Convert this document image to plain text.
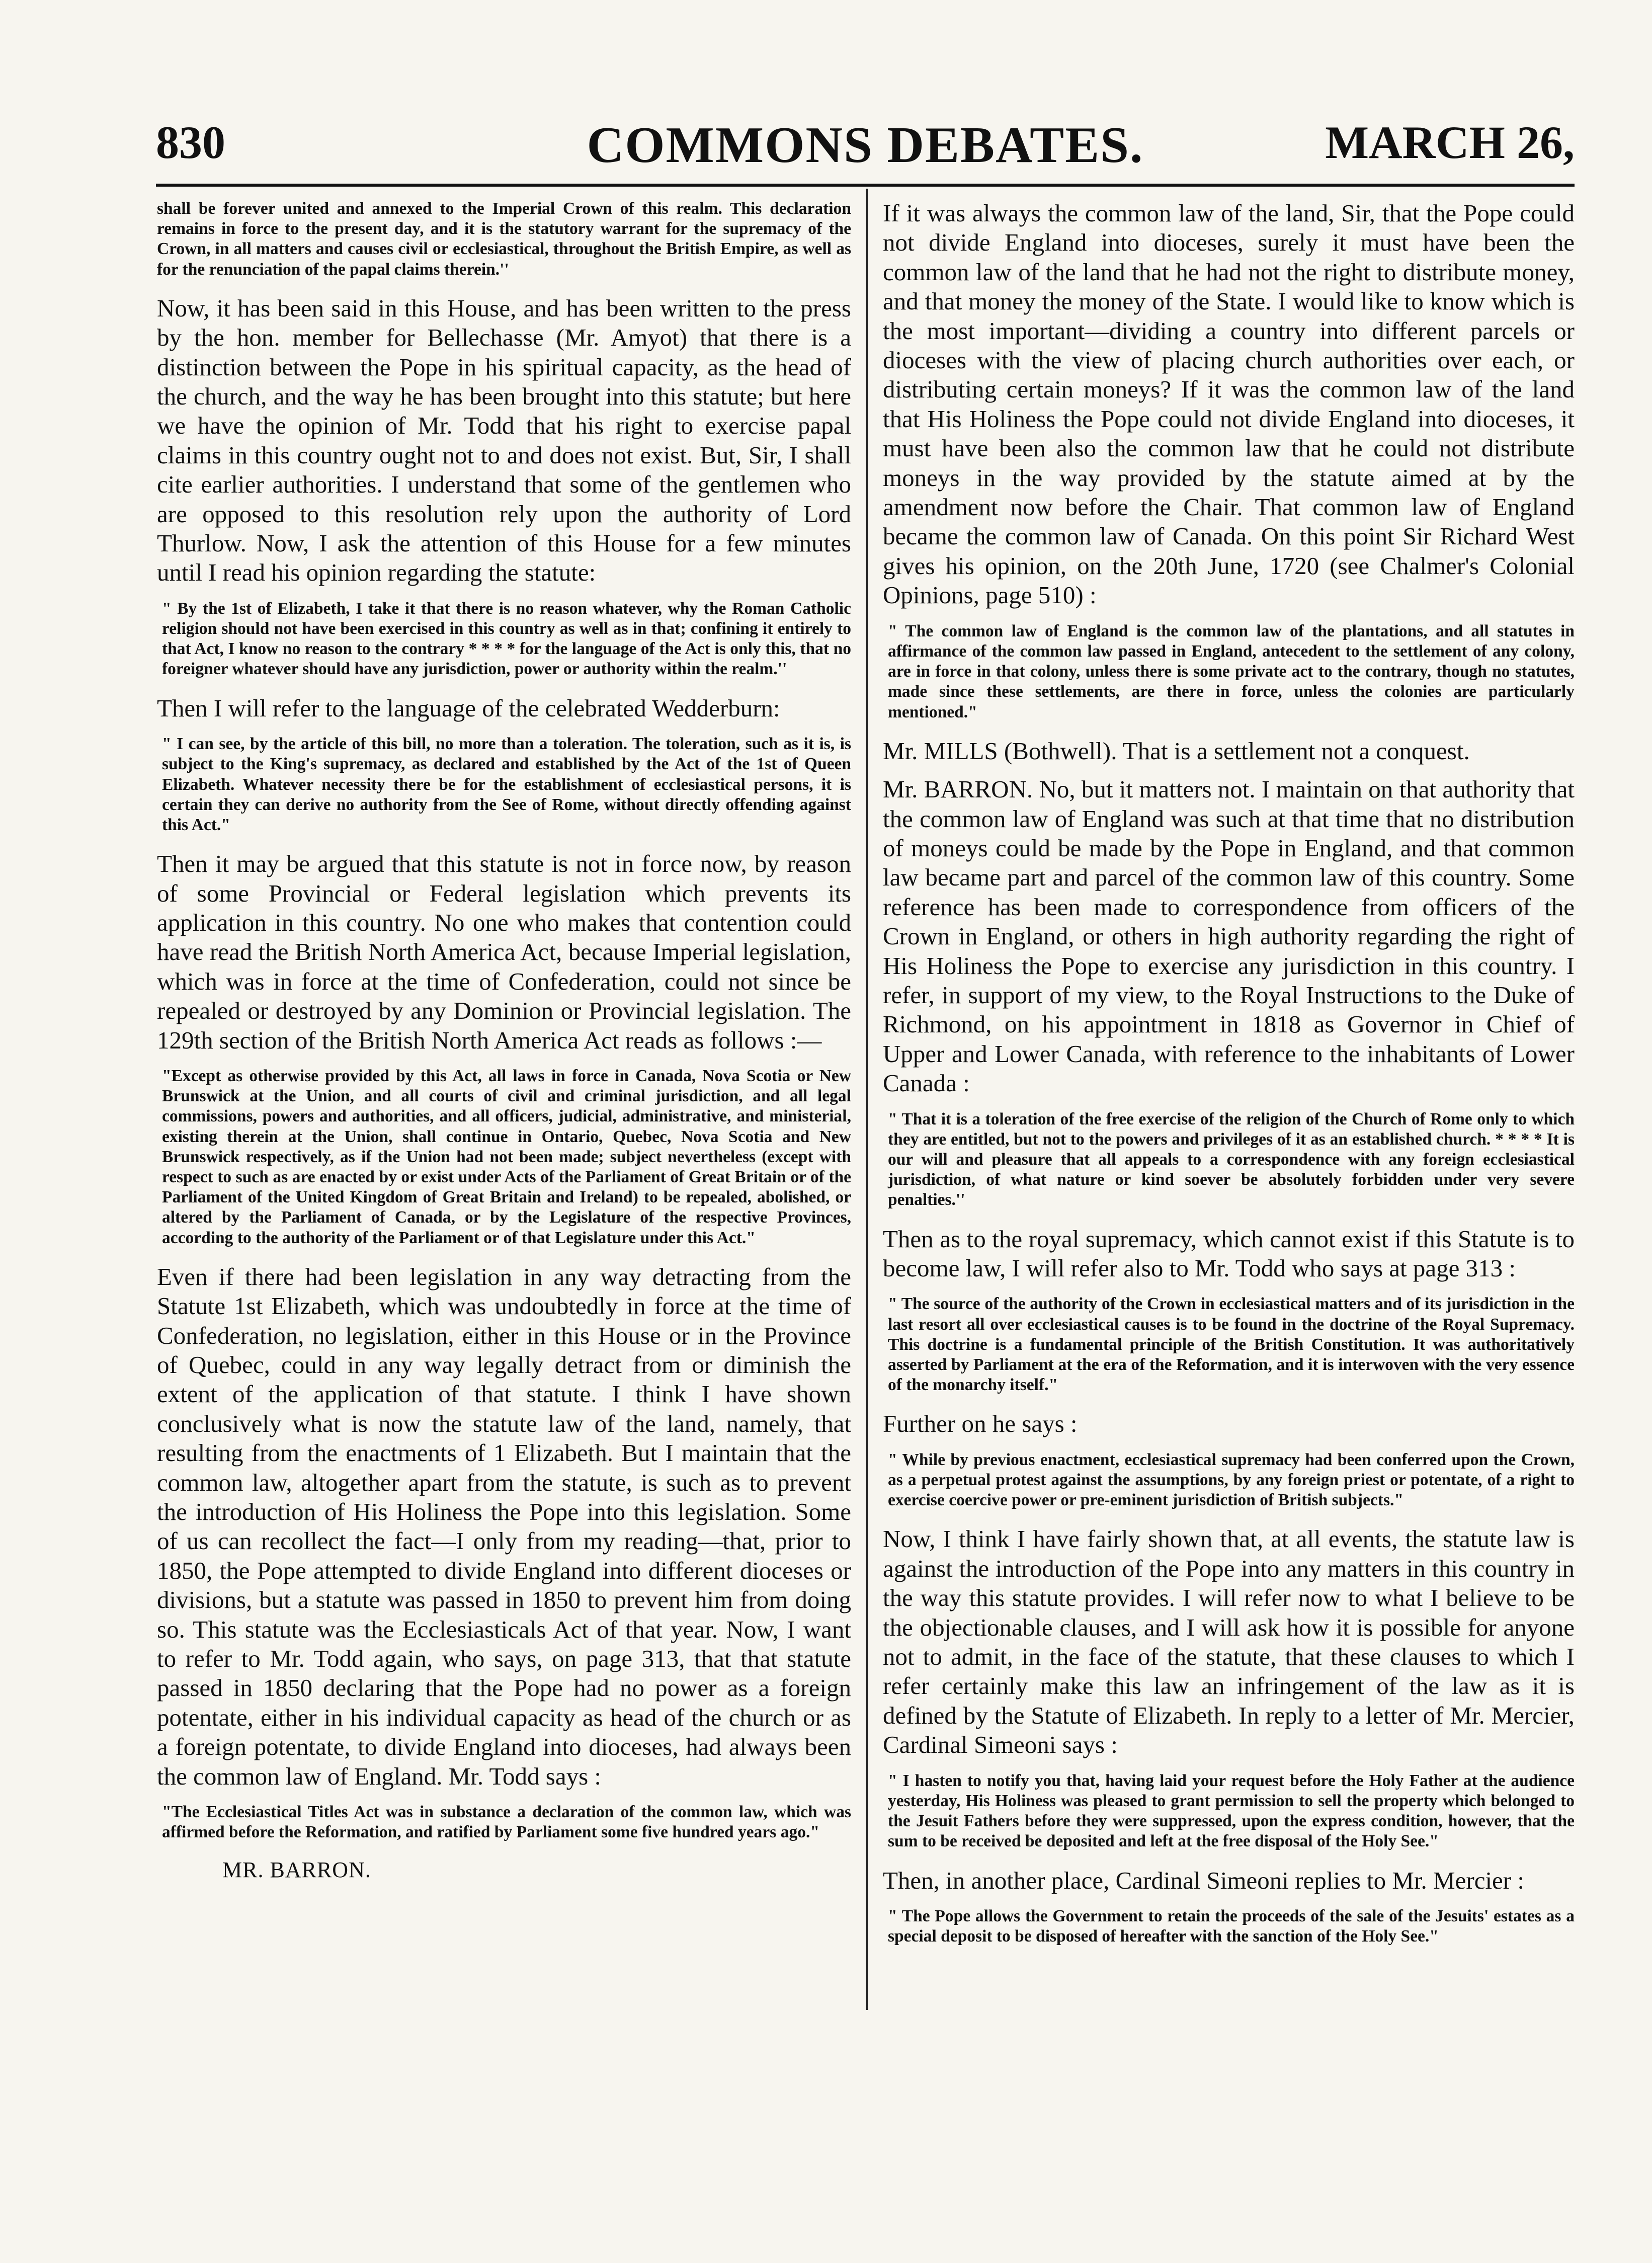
830	COMMONS DEBATES.	MARCH 26,

shall be forever united and annexed to the Imperial Crown of this realm. This declaration remains in force to the present day, and it is the statutory warrant for the supremacy of the Crown, in all matters and causes civil or ecclesiastical, throughout the British Empire, as well as for the renunciation of the papal claims therein.''

Now, it has been said in this House, and has been written to the press by the hon. member for Bellechasse (Mr. Amyot) that there is a distinction between the Pope in his spiritual capacity, as the head of the church, and the way he has been brought into this statute; but here we have the opinion of Mr. Todd that his right to exercise papal claims in this country ought not to and does not exist. But, Sir, I shall cite earlier authorities. I understand that some of the gentlemen who are opposed to this resolution rely upon the authority of Lord Thurlow. Now, I ask the attention of this House for a few minutes until I read his opinion regarding the statute:

" By the 1st of Elizabeth, I take it that there is no reason whatever, why the Roman Catholic religion should not have been exercised in this country as well as in that; confining it entirely to that Act, I know no reason to the contrary * * * * for the language of the Act is only this, that no foreigner whatever should have any jurisdiction, power or authority within the realm.''

Then I will refer to the language of the celebrated Wedderburn:

" I can see, by the article of this bill, no more than a toleration. The toleration, such as it is, is subject to the King's supremacy, as declared and established by the Act of the 1st of Queen Elizabeth. Whatever necessity there be for the establishment of ecclesiastical persons, it is certain they can derive no authority from the See of Rome, without directly offending against this Act."

Then it may be argued that this statute is not in force now, by reason of some Provincial or Federal legislation which prevents its application in this country. No one who makes that contention could have read the British North America Act, because Imperial legislation, which was in force at the time of Confederation, could not since be repealed or destroyed by any Dominion or Provincial legislation. The 129th section of the British North America Act reads as follows :—

"Except as otherwise provided by this Act, all laws in force in Canada, Nova Scotia or New Brunswick at the Union, and all courts of civil and criminal jurisdiction, and all legal commissions, powers and authorities, and all officers, judicial, administrative, and ministerial, existing therein at the Union, shall continue in Ontario, Quebec, Nova Scotia and New Brunswick respectively, as if the Union had not been made; subject nevertheless (except with respect to such as are enacted by or exist under Acts of the Parliament of Great Britain or of the Parliament of the United Kingdom of Great Britain and Ireland) to be repealed, abolished, or altered by the Parliament of Canada, or by the Legislature of the respective Provinces, according to the authority of the Parliament or of that Legislature under this Act."

Even if there had been legislation in any way detracting from the Statute 1st Elizabeth, which was undoubtedly in force at the time of Confederation, no legislation, either in this House or in the Province of Quebec, could in any way legally detract from or diminish the extent of the application of that statute. I think I have shown conclusively what is now the statute law of the land, namely, that resulting from the enactments of 1 Elizabeth. But I maintain that the common law, altogether apart from the statute, is such as to prevent the introduction of His Holiness the Pope into this legislation. Some of us can recollect the fact—I only from my reading—that, prior to 1850, the Pope attempted to divide England into different dioceses or divisions, but a statute was passed in 1850 to prevent him from doing so. This statute was the Ecclesiasticals Act of that year. Now, I want to refer to Mr. Todd again, who says, on page 313, that that statute passed in 1850 declaring that the Pope had no power as a foreign potentate, either in his individual capacity as head of the church or as a foreign potentate, to divide England into dioceses, had always been the common law of England. Mr. Todd says :

"The Ecclesiastical Titles Act was in substance a declaration of the common law, which was affirmed before the Reformation, and ratified by Parliament some five hundred years ago."

MR. BARRON.

If it was always the common law of the land, Sir, that the Pope could not divide England into dioceses, surely it must have been the common law of the land that he had not the right to distribute money, and that money the money of the State. I would like to know which is the most important—dividing a country into different parcels or dioceses with the view of placing church authorities over each, or distributing certain moneys? If it was the common law of the land that His Holiness the Pope could not divide England into dioceses, it must have been also the common law that he could not distribute moneys in the way provided by the statute aimed at by the amendment now before the Chair. That common law of England became the common law of Canada. On this point Sir Richard West gives his opinion, on the 20th June, 1720 (see Chalmer's Colonial Opinions, page 510) :

" The common law of England is the common law of the plantations, and all statutes in affirmance of the common law passed in England, antecedent to the settlement of any colony, are in force in that colony, unless there is some private act to the contrary, though no statutes, made since these settlements, are there in force, unless the colonies are particularly mentioned."

Mr. MILLS (Bothwell). That is a settlement not a conquest.

Mr. BARRON. No, but it matters not. I maintain on that authority that the common law of England was such at that time that no distribution of moneys could be made by the Pope in England, and that common law became part and parcel of the common law of this country. Some reference has been made to correspondence from officers of the Crown in England, or others in high authority regarding the right of His Holiness the Pope to exercise any jurisdiction in this country. I refer, in support of my view, to the Royal Instructions to the Duke of Richmond, on his appointment in 1818 as Governor in Chief of Upper and Lower Canada, with reference to the inhabitants of Lower Canada :

" That it is a toleration of the free exercise of the religion of the Church of Rome only to which they are entitled, but not to the powers and privileges of it as an established church. * * * * It is our will and pleasure that all appeals to a correspondence with any foreign ecclesiastical jurisdiction, of what nature or kind soever be absolutely forbidden under very severe penalties.''

Then as to the royal supremacy, which cannot exist if this Statute is to become law, I will refer also to Mr. Todd who says at page 313 :

" The source of the authority of the Crown in ecclesiastical matters and of its jurisdiction in the last resort all over ecclesiastical causes is to be found in the doctrine of the Royal Supremacy. This doctrine is a fundamental principle of the British Constitution. It was authoritatively asserted by Parliament at the era of the Reformation, and it is interwoven with the very essence of the monarchy itself."

Further on he says :

" While by previous enactment, ecclesiastical supremacy had been conferred upon the Crown, as a perpetual protest against the assumptions, by any foreign priest or potentate, of a right to exercise coercive power or pre-eminent jurisdiction of British subjects."

Now, I think I have fairly shown that, at all events, the statute law is against the introduction of the Pope into any matters in this country in the way this statute provides. I will refer now to what I believe to be the objectionable clauses, and I will ask how it is possible for anyone not to admit, in the face of the statute, that these clauses to which I refer certainly make this law an infringement of the law as it is defined by the Statute of Elizabeth. In reply to a letter of Mr. Mercier, Cardinal Simeoni says :

" I hasten to notify you that, having laid your request before the Holy Father at the audience yesterday, His Holiness was pleased to grant permission to sell the property which belonged to the Jesuit Fathers before they were suppressed, upon the express condition, however, that the sum to be received be deposited and left at the free disposal of the Holy See."

Then, in another place, Cardinal Simeoni replies to Mr. Mercier :

" The Pope allows the Government to retain the proceeds of the sale of the Jesuits' estates as a special deposit to be disposed of hereafter with the sanction of the Holy See."
